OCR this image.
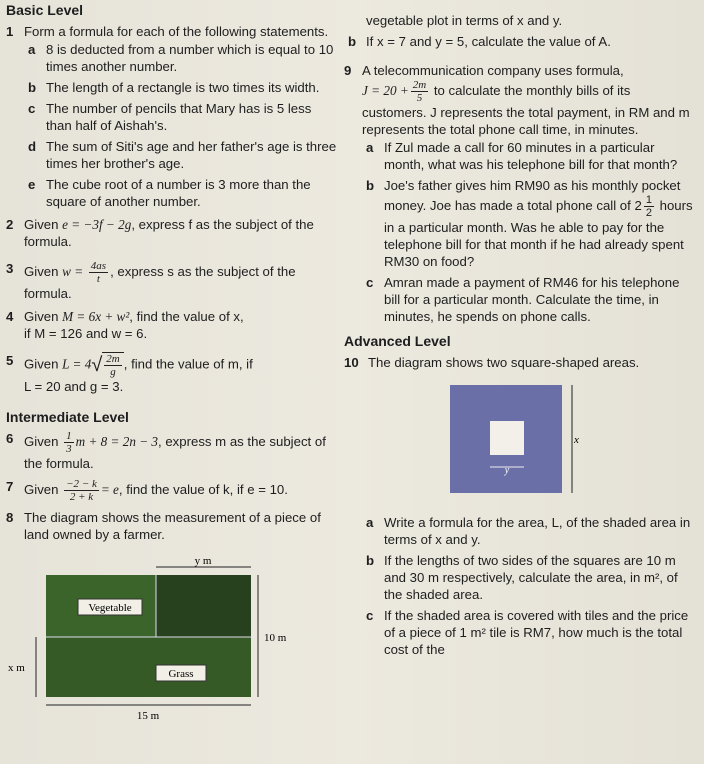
Basic Level
1 Form a formula for each of the following statements.
a 8 is deducted from a number which is equal to 10 times another number.
b The length of a rectangle is two times its width.
c The number of pencils that Mary has is 5 less than half of Aishah's.
d The sum of Siti's age and her father's age is three times her brother's age.
e The cube root of a number is 3 more than the square of another number.
2 Given e = −3f − 2g, express f as the subject of the formula.
3 Given $w = \frac{4as}{t}$ , express s as the subject of the formula.
4 Given M = 6x + w², find the value of x,
if M = 126 and w = 6.
5 Given L = 4 √ $\frac{2m}{g}$ , find the value of m, if
L = 20 and g = 3.
Intermediate Level
6 Given $\frac{1}{3}$ m + 8 = 2n − 3, express m as the subject of the formula.
7 Given $\frac{-2 - k}{2 + k} = e$, find the value of k, if e = 10.
8 The diagram shows the measurement of a piece of land owned by a farmer.
Vegetable
Grass
y m
10 m
x m
15 m
vegetable plot in terms of x and y.
b If x = 7 and y = 5, calculate the value of A.
9 A telecommunication company uses formula,
$J = 20 + \frac{2m}{5}$ to calculate the monthly bills of its customers. J represents the total payment, in RM and m represents the total phone call time, in minutes.
a If Zul made a call for 60 minutes in a particular month, what was his telephone bill for that month?
b Joe's father gives him RM90 as his monthly pocket money. Joe has made a total phone call of $2 \frac{1}{2}$ hours in a particular month. Was he able to pay for the telephone bill for that month if he had already spent RM30 on food?
c Amran made a payment of RM46 for his telephone bill for a particular month. Calculate the time, in minutes, he spends on phone calls.
Advanced Level
10 The diagram shows two square-shaped areas.
x
y
a Write a formula for the area, L, of the shaded area in terms of x and y.
b If the lengths of two sides of the squares are 10 m and 30 m respectively, calculate the area, in m², of the shaded area.
c If the shaded area is covered with tiles and the price of a piece of 1 m² tile is RM7, how much is the total cost of the
